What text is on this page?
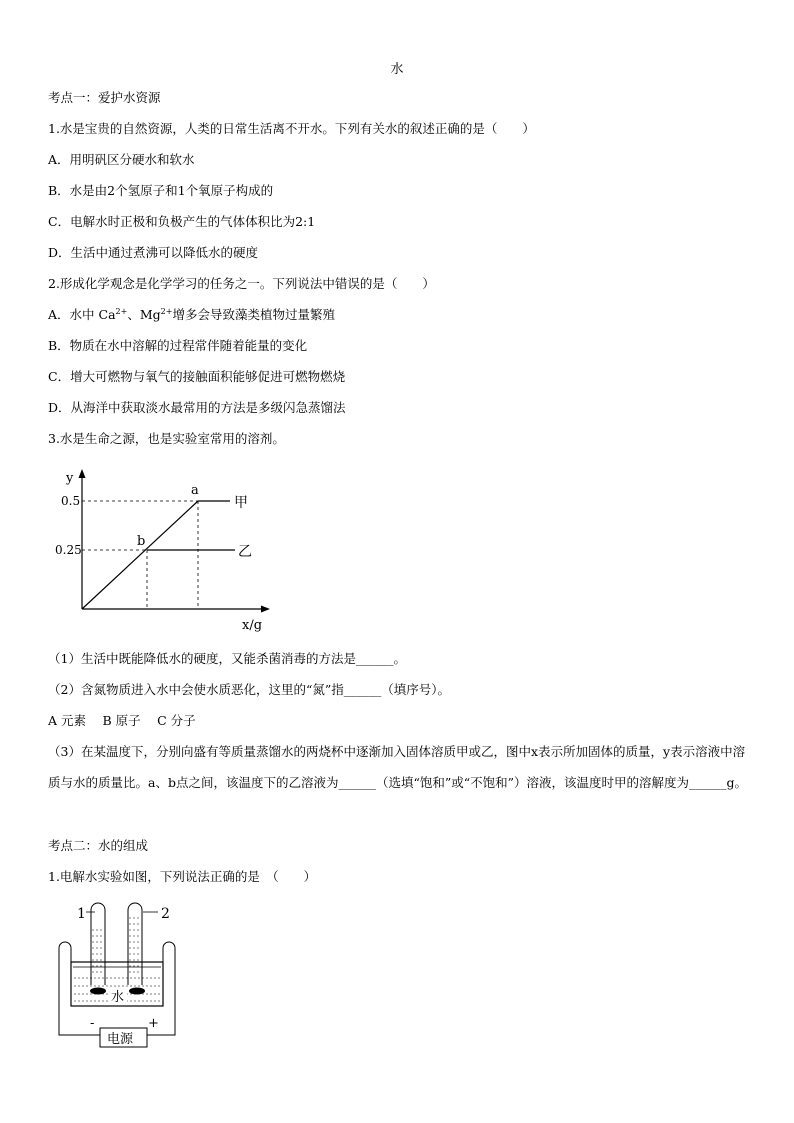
水
考点一：爱护水资源
1.水是宝贵的自然资源，人类的日常生活离不开水。下列有关水的叙述正确的是（　　）
A．用明矾区分硬水和软水
B．水是由2个氢原子和1个氧原子构成的
C．电解水时正极和负极产生的气体体积比为2:1
D．生活中通过煮沸可以降低水的硬度
2.形成化学观念是化学学习的任务之一。下列说法中错误的是（　　）
A．水中 $Ca^{2+}$、$Mg^{2+}$增多会导致藻类植物过量繁殖
B．物质在水中溶解的过程常伴随着能量的变化
C．增大可燃物与氧气的接触面积能够促进可燃物燃烧
D．从海洋中获取淡水最常用的方法是多级闪急蒸馏法
3.水是生命之源，也是实验室常用的溶剂。
y
x/g
0.5
0.25
a
b
甲
乙
（1）生活中既能降低水的硬度，又能杀菌消毒的方法是______。
（2）含氮物质进入水中会使水质恶化，这里的“氮”指______（填序号）。
A 元素　 B 原子　 C 分子
（3）在某温度下，分别向盛有等质量蒸馏水的两烧杯中逐渐加入固体溶质甲或乙，图中x表示所加固体的质量，y表示溶液中溶质与水的质量比。a、b点之间，该温度下的乙溶液为______（选填“饱和”或“不饱和”）溶液，该温度时甲的溶解度为______g。
考点二：水的组成
1.电解水实验如图，下列说法正确的是　（　　）
1	2
水
-	+
电源
